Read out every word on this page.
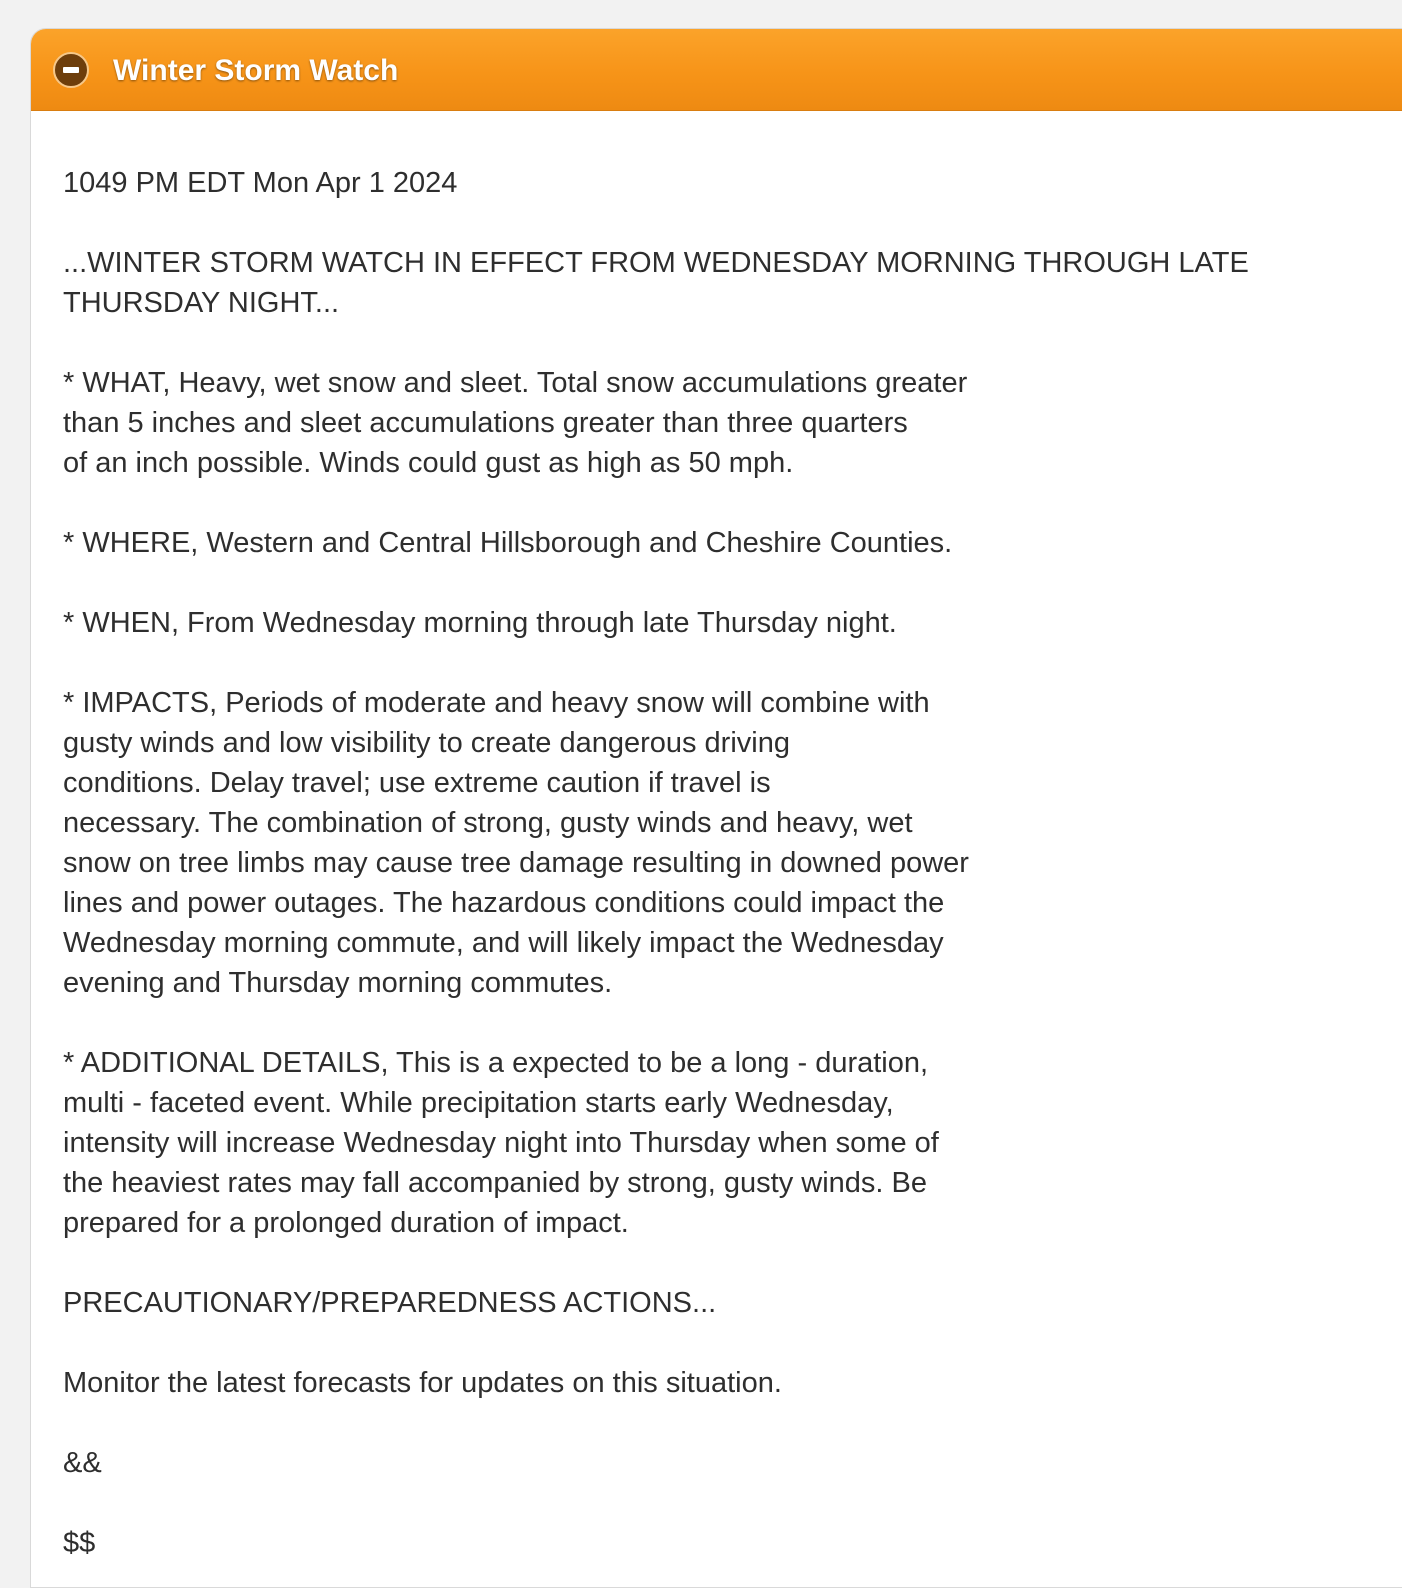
Winter Storm Watch
1049 PM EDT Mon Apr 1 2024
...WINTER STORM WATCH IN EFFECT FROM WEDNESDAY MORNING THROUGH LATE
THURSDAY NIGHT...
* WHAT, Heavy, wet snow and sleet. Total snow accumulations greater
than 5 inches and sleet accumulations greater than three quarters
of an inch possible. Winds could gust as high as 50 mph.
* WHERE, Western and Central Hillsborough and Cheshire Counties.
* WHEN, From Wednesday morning through late Thursday night.
* IMPACTS, Periods of moderate and heavy snow will combine with
gusty winds and low visibility to create dangerous driving
conditions. Delay travel; use extreme caution if travel is
necessary. The combination of strong, gusty winds and heavy, wet
snow on tree limbs may cause tree damage resulting in downed power
lines and power outages. The hazardous conditions could impact the
Wednesday morning commute, and will likely impact the Wednesday
evening and Thursday morning commutes.
* ADDITIONAL DETAILS, This is a expected to be a long - duration,
multi - faceted event. While precipitation starts early Wednesday,
intensity will increase Wednesday night into Thursday when some of
the heaviest rates may fall accompanied by strong, gusty winds. Be
prepared for a prolonged duration of impact.
PRECAUTIONARY/PREPAREDNESS ACTIONS...
Monitor the latest forecasts for updates on this situation.
&&
$$
